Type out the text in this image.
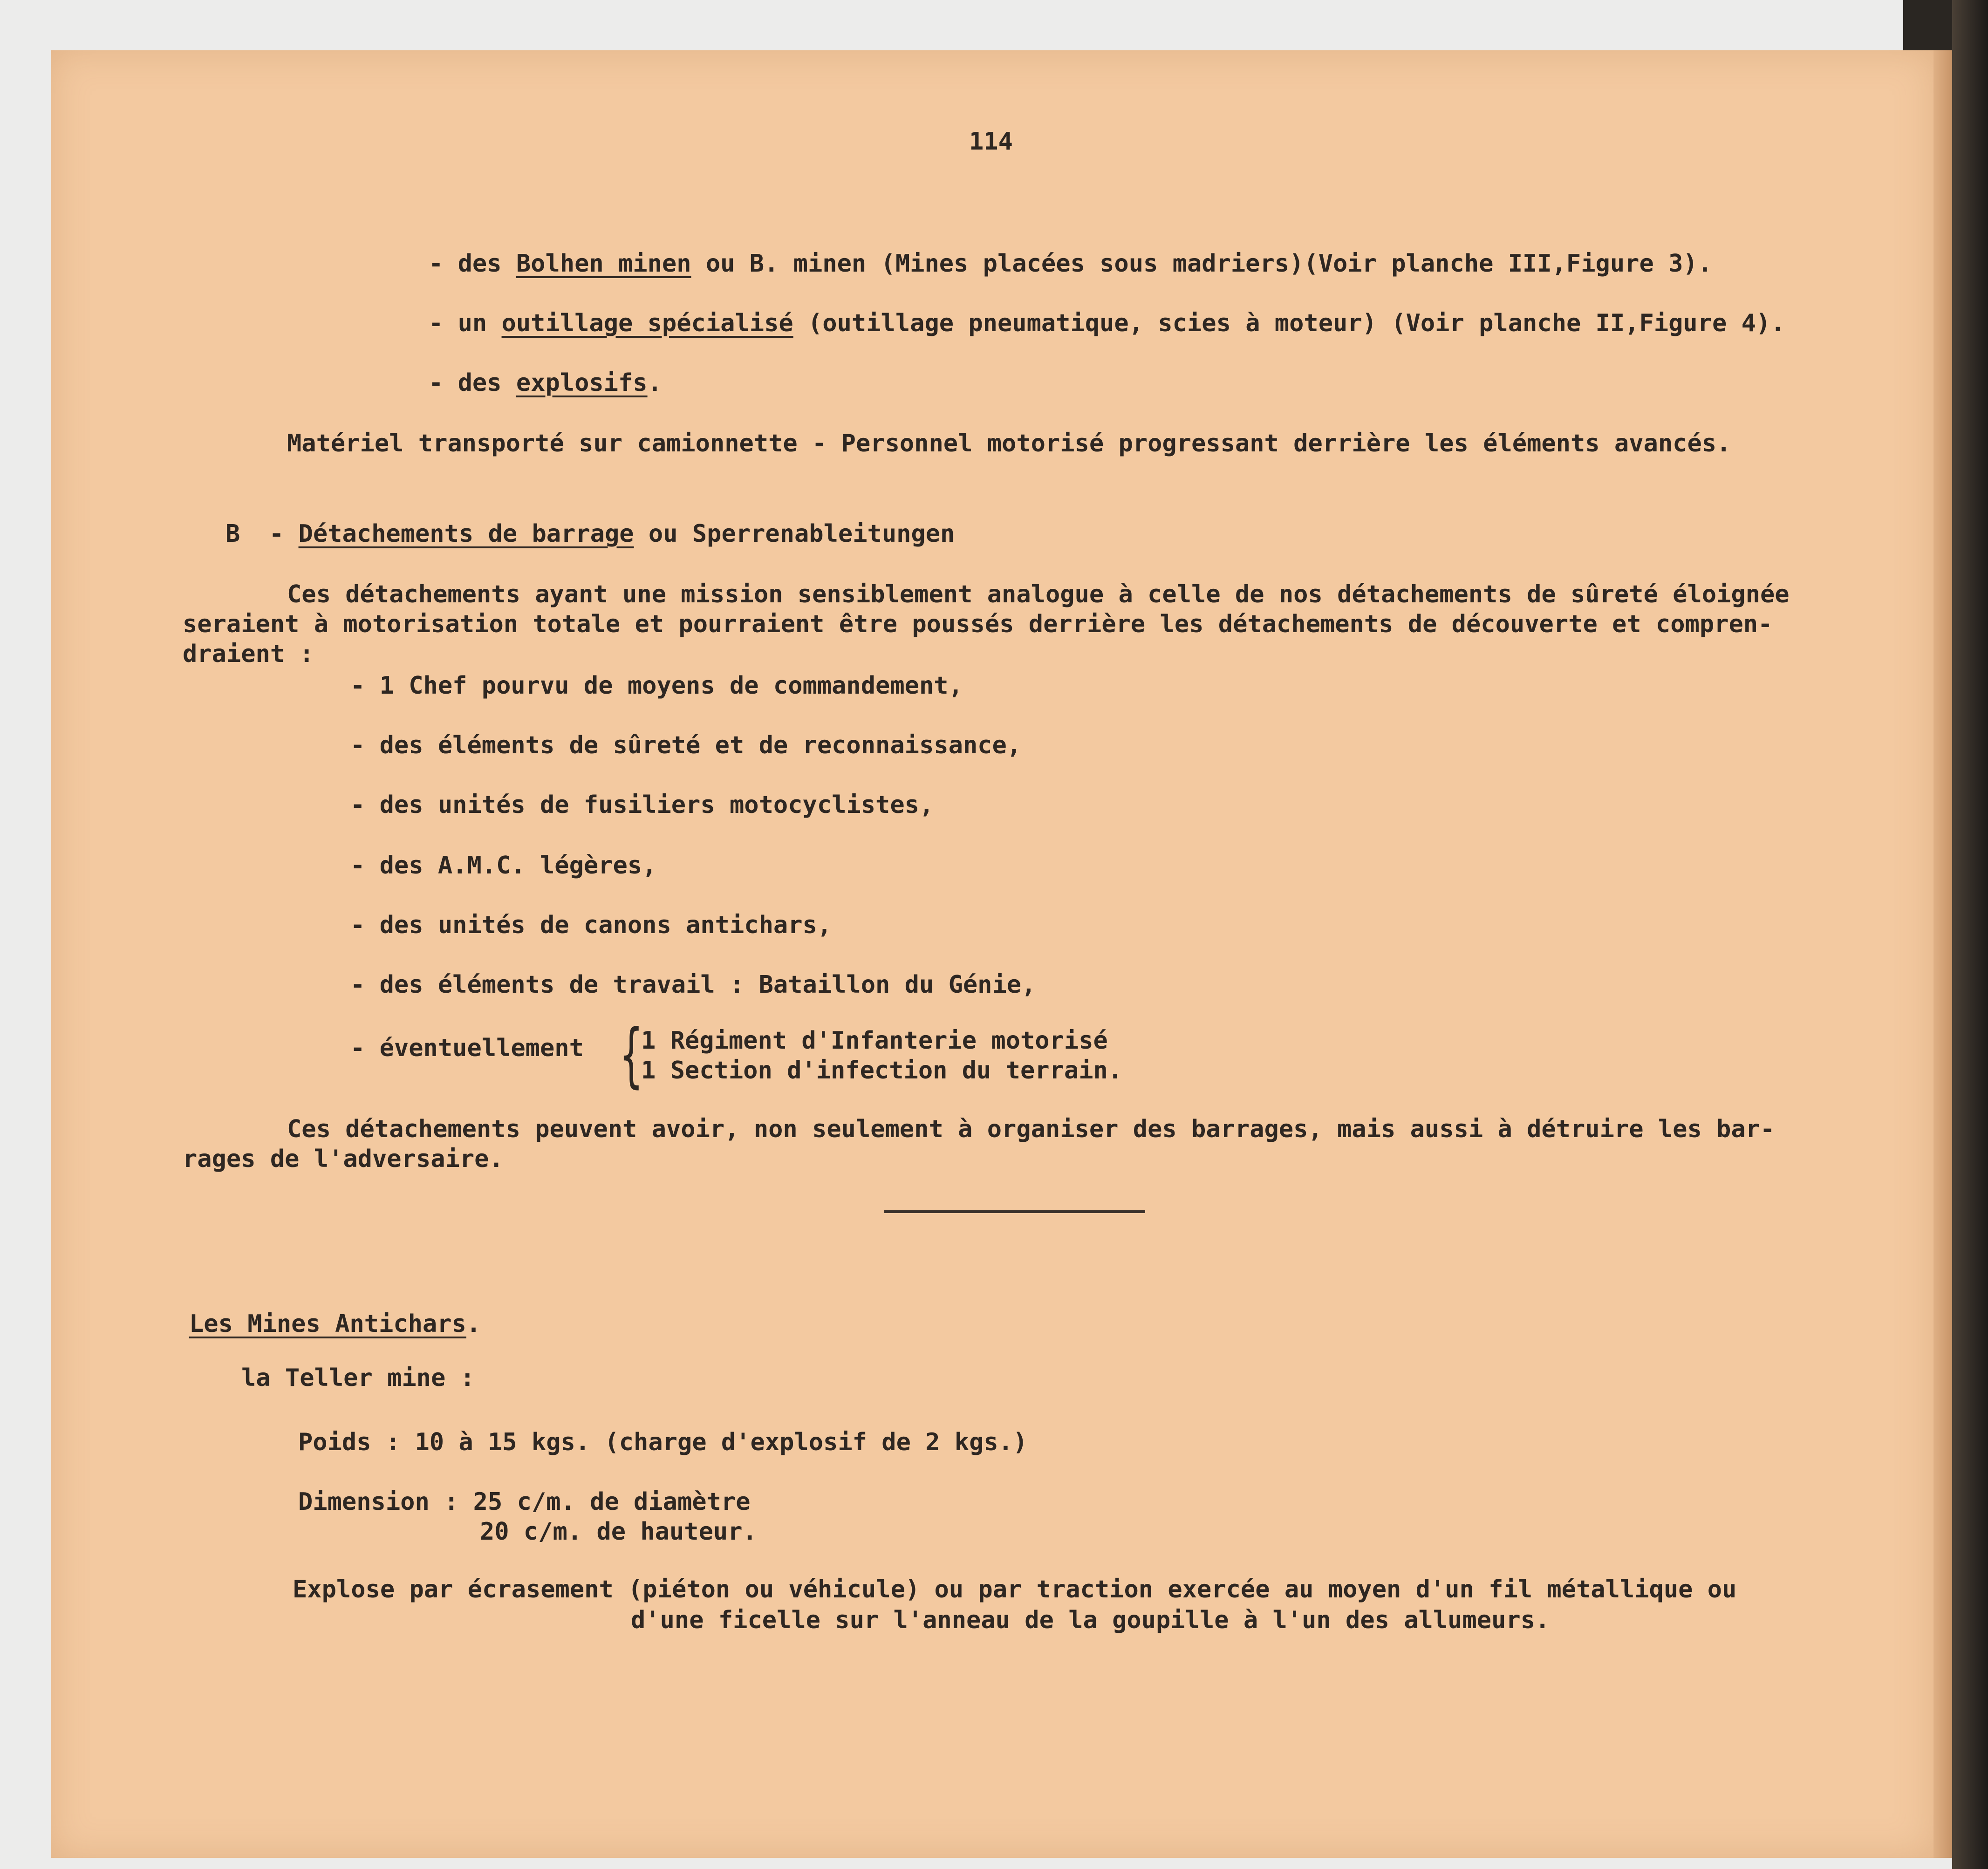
114

- des Bolhen minen ou B. minen (Mines placées sous madriers)(Voir planche III,Figure 3).

- un outillage spécialisé (outillage pneumatique, scies à moteur) (Voir planche II,Figure 4).

- des explosifs.

Matériel transporté sur camionnette - Personnel motorisé progressant derrière les éléments avancés.

B  - Détachements de barrage ou Sperrenableitungen

Ces détachements ayant une mission sensiblement analogue à celle de nos détachements de sûreté éloignée

seraient à motorisation totale et pourraient être poussés derrière les détachements de découverte et compren-

draient :

- 1 Chef pourvu de moyens de commandement,

- des éléments de sûreté et de reconnaissance,

- des unités de fusiliers motocyclistes,

- des A.M.C. légères,

- des unités de canons antichars,

- des éléments de travail : Bataillon du Génie,

- éventuellement {

1 Régiment d'Infanterie motorisé

1 Section d'infection du terrain.

Ces détachements peuvent avoir, non seulement à organiser des barrages, mais aussi à détruire les bar-

rages de l'adversaire.

Les Mines Antichars.

la Teller mine :

Poids : 10 à 15 kgs. (charge d'explosif de 2 kgs.)

Dimension : 25 c/m. de diamètre

20 c/m. de hauteur.

Explose par écrasement (piéton ou véhicule) ou par traction exercée au moyen d'un fil métallique ou

d'une ficelle sur l'anneau de la goupille à l'un des allumeurs.
